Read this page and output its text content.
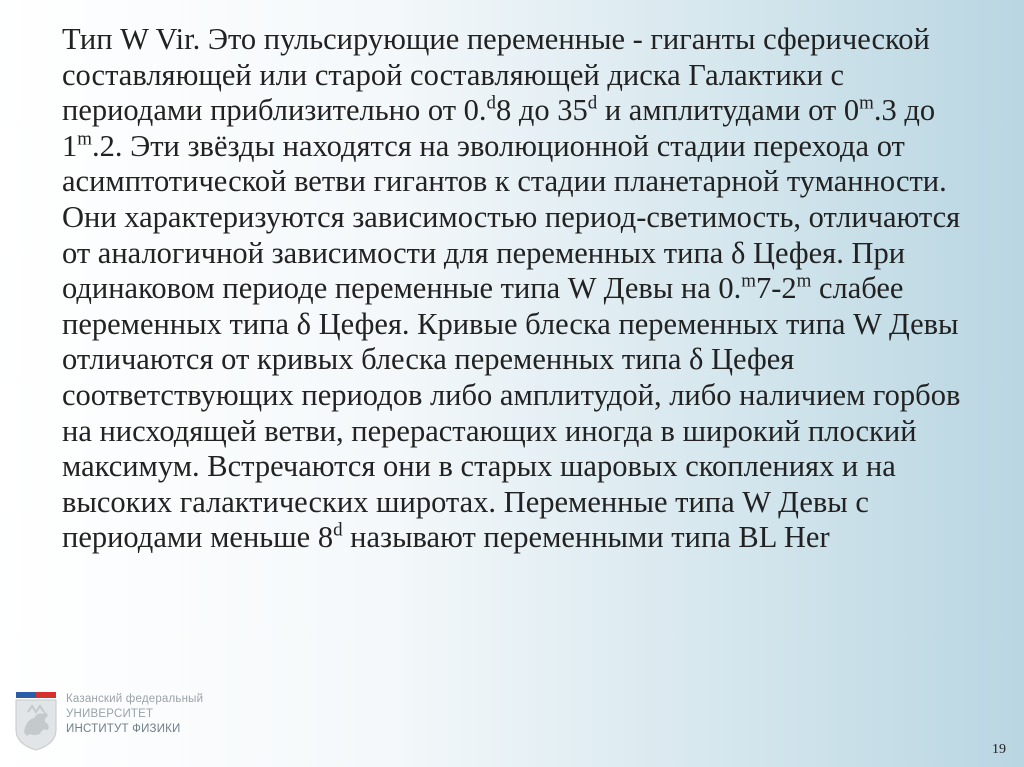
Тип W Vir. Это пульсирующие переменные - гиганты сферической составляющей или старой составляющей диска Галактики с периодами приблизительно от 0.$^d$8 до 35$^d$ и амплитудами от 0$^m$.3 до 1$^m$.2. Эти звёзды находятся на эволюционной стадии перехода от асимптотической ветви гигантов к стадии планетарной туманности. Они характеризуются зависимостью период-светимость, отличаются от аналогичной зависимости для переменных типа δ Цефея. При одинаковом периоде переменные типа W Девы на 0.$^m$7-2$^m$ слабее переменных типа δ Цефея. Кривые блеска переменных типа W Девы отличаются от кривых блеска переменных типа δ Цефея соответствующих периодов либо амплитудой, либо наличием горбов на нисходящей ветви, перерастающих иногда в широкий плоский максимум. Встречаются они в старых шаровых скоплениях и на высоких галактических широтах. Переменные типа W Девы с периодами меньше 8$^d$ называют переменными типа BL Her

Казанский федеральный
УНИВЕРСИТЕТ
ИНСТИТУТ ФИЗИКИ
19
